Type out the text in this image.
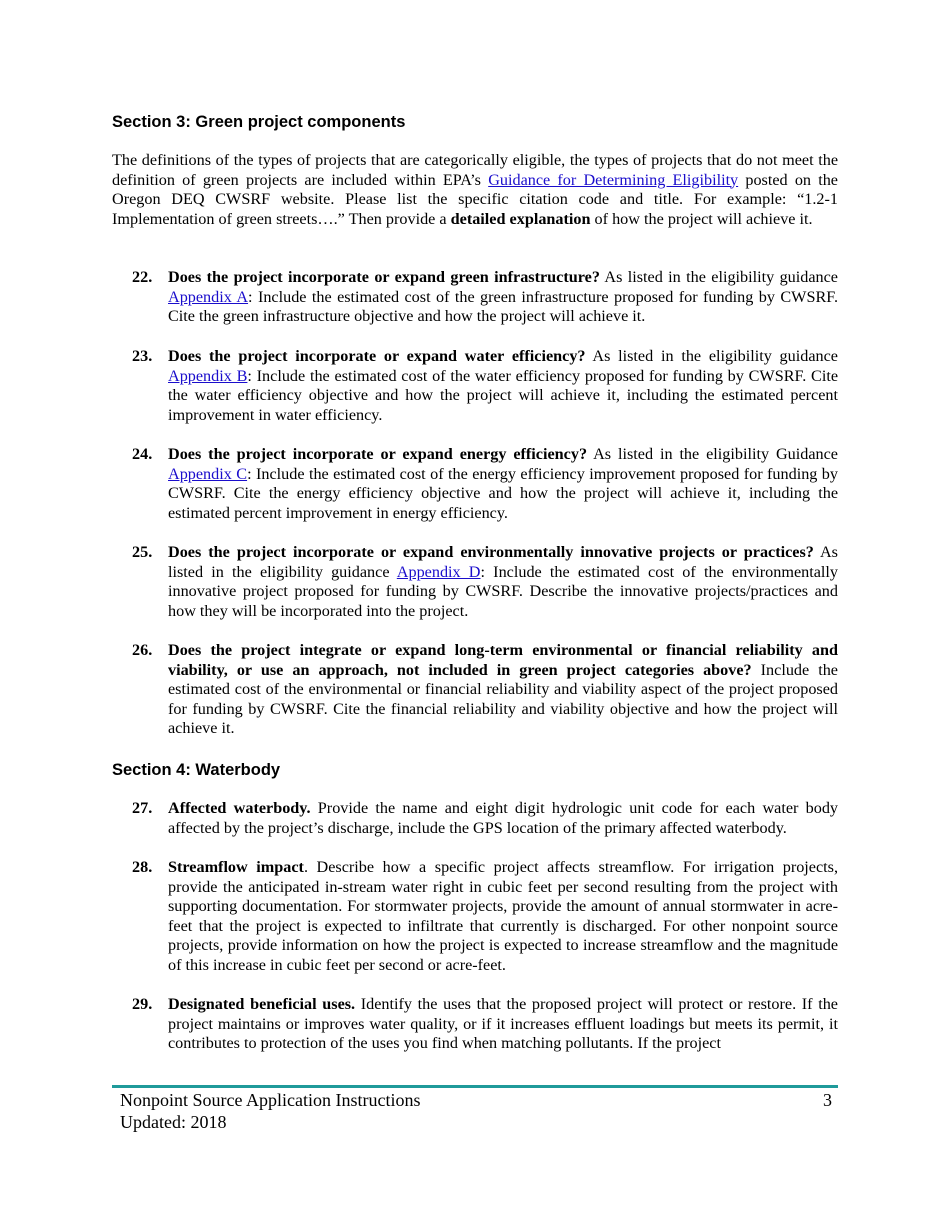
Section 3: Green project components

The definitions of the types of projects that are categorically eligible, the types of projects that do not meet the definition of green projects are included within EPA’s Guidance for Determining Eligibility posted on the Oregon DEQ CWSRF website. Please list the specific citation code and title. For example: “1.2-1 Implementation of green streets….” Then provide a detailed explanation of how the project will achieve it.

22. Does the project incorporate or expand green infrastructure? As listed in the eligibility guidance Appendix A: Include the estimated cost of the green infrastructure proposed for funding by CWSRF. Cite the green infrastructure objective and how the project will achieve it.
23. Does the project incorporate or expand water efficiency? As listed in the eligibility guidance Appendix B: Include the estimated cost of the water efficiency proposed for funding by CWSRF. Cite the water efficiency objective and how the project will achieve it, including the estimated percent improvement in water efficiency.
24. Does the project incorporate or expand energy efficiency? As listed in the eligibility Guidance Appendix C: Include the estimated cost of the energy efficiency improvement proposed for funding by CWSRF. Cite the energy efficiency objective and how the project will achieve it, including the estimated percent improvement in energy efficiency.
25. Does the project incorporate or expand environmentally innovative projects or practices? As listed in the eligibility guidance Appendix D: Include the estimated cost of the environmentally innovative project proposed for funding by CWSRF. Describe the innovative projects/practices and how they will be incorporated into the project.
26. Does the project integrate or expand long-term environmental or financial reliability and viability, or use an approach, not included in green project categories above? Include the estimated cost of the environmental or financial reliability and viability aspect of the project proposed for funding by CWSRF. Cite the financial reliability and viability objective and how the project will achieve it.
Section 4: Waterbody
27. Affected waterbody. Provide the name and eight digit hydrologic unit code for each water body affected by the project’s discharge, include the GPS location of the primary affected waterbody.
28. Streamflow impact. Describe how a specific project affects streamflow. For irrigation projects, provide the anticipated in-stream water right in cubic feet per second resulting from the project with supporting documentation. For stormwater projects, provide the amount of annual stormwater in acre-feet that the project is expected to infiltrate that currently is discharged. For other nonpoint source projects, provide information on how the project is expected to increase streamflow and the magnitude of this increase in cubic feet per second or acre-feet.
29. Designated beneficial uses. Identify the uses that the proposed project will protect or restore. If the project maintains or improves water quality, or if it increases effluent loadings but meets its permit, it contributes to protection of the uses you find when matching pollutants. If the project
Nonpoint Source Application Instructions
Updated: 2018
3
